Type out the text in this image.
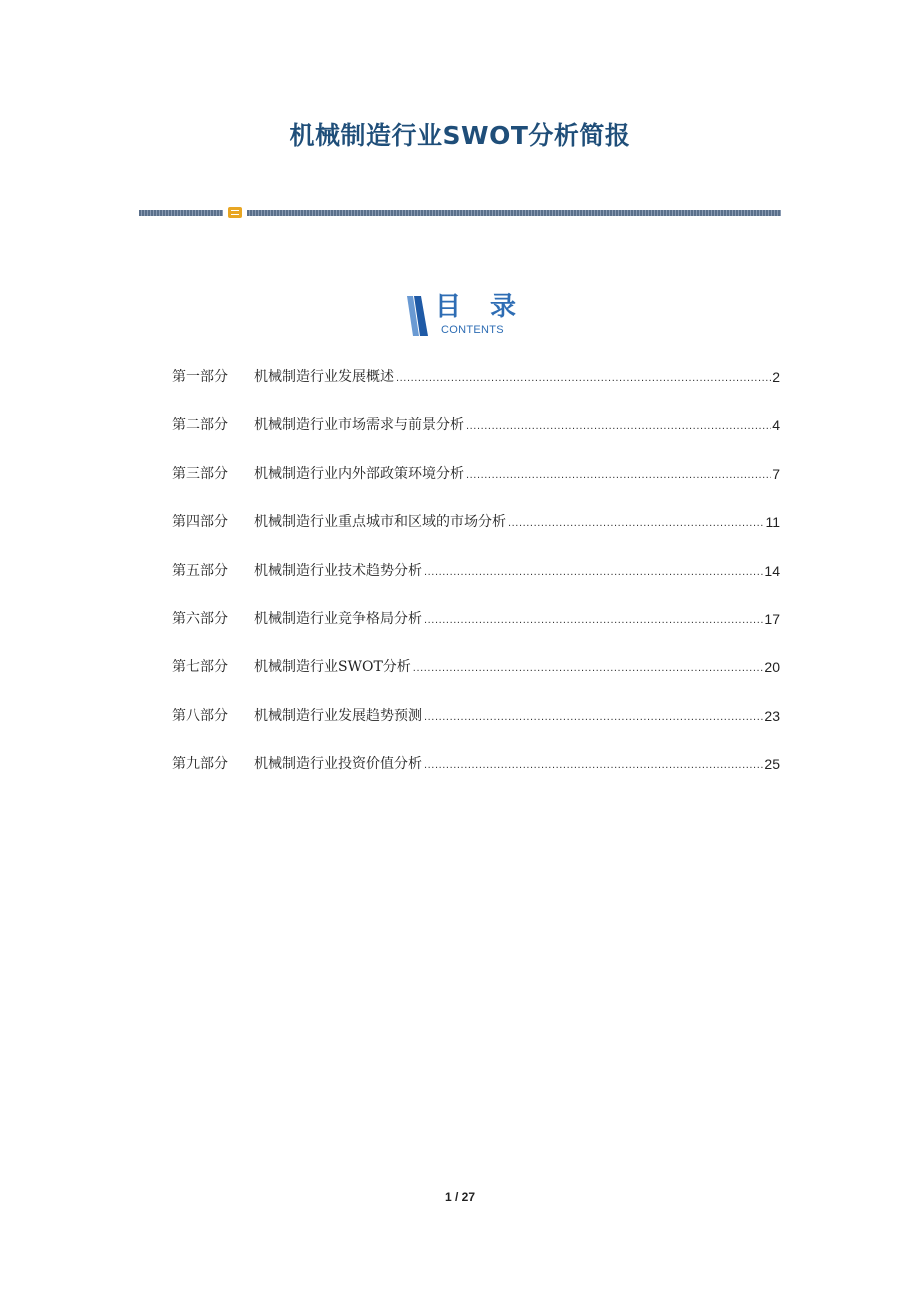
机械制造行业SWOT分析简报
目 录
CONTENTS
第一部分	机械制造行业发展概述 .....	2
第二部分	机械制造行业市场需求与前景分析 .....	4
第三部分	机械制造行业内外部政策环境分析 .....	7
第四部分	机械制造行业重点城市和区域的市场分析 .....	11
第五部分	机械制造行业技术趋势分析 .....	14
第六部分	机械制造行业竞争格局分析 .....	17
第七部分	机械制造行业SWOT分析 .....	20
第八部分	机械制造行业发展趋势预测 .....	23
第九部分	机械制造行业投资价值分析 .....	25
1 / 27
